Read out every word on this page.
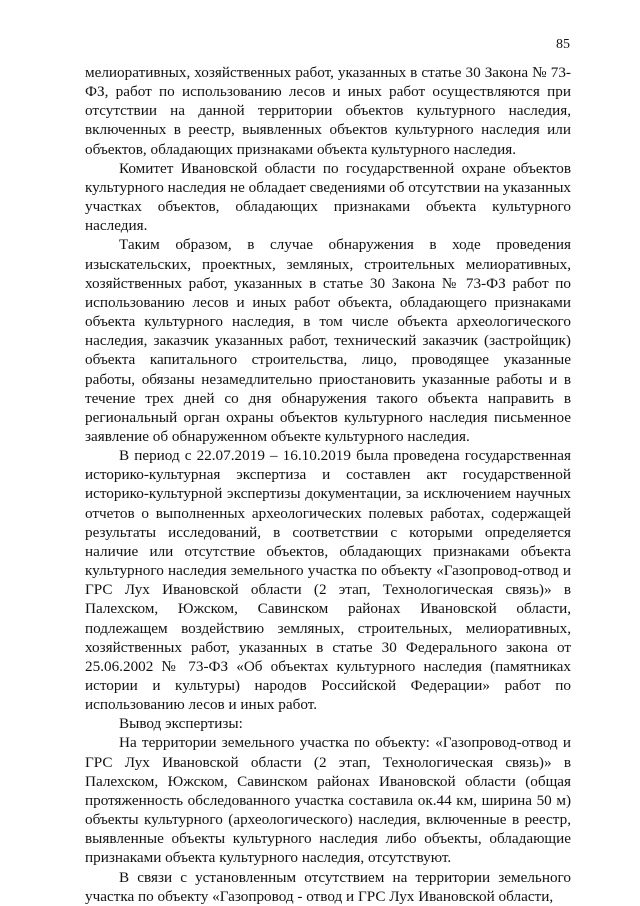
85

мелиоративных, хозяйственных работ, указанных в статье 30 Закона № 73-ФЗ, работ по использованию лесов и иных работ осуществляются при отсутствии на данной территории объектов культурного наследия, включенных в реестр, выявленных объектов культурного наследия или объектов, обладающих признаками объекта культурного наследия.

Комитет Ивановской области по государственной охране объектов культурного наследия не обладает сведениями об отсутствии на указанных участках объектов, обладающих признаками объекта культурного наследия.

Таким образом, в случае обнаружения в ходе проведения изыскательских, проектных, земляных, строительных мелиоративных, хозяйственных работ, указанных в статье 30 Закона № 73-ФЗ работ по использованию лесов и иных работ объекта, обладающего признаками объекта культурного наследия, в том числе объекта археологического наследия, заказчик указанных работ, технический заказчик (застройщик) объекта капитального строительства, лицо, проводящее указанные работы, обязаны незамедлительно приостановить указанные работы и в течение трех дней со дня обнаружения такого объекта направить в региональный орган охраны объектов культурного наследия письменное заявление об обнаруженном объекте культурного наследия.

В период с 22.07.2019 – 16.10.2019 была проведена государственная историко-культурная экспертиза и составлен акт государственной историко-культурной экспертизы документации, за исключением научных отчетов о выполненных археологических полевых работах, содержащей результаты исследований, в соответствии с которыми определяется наличие или отсутствие объектов, обладающих признаками объекта культурного наследия земельного участка по объекту «Газопровод-отвод и ГРС Лух Ивановской области (2 этап, Технологическая связь)» в Палехском, Южском, Савинском районах Ивановской области, подлежащем воздействию земляных, строительных, мелиоративных, хозяйственных работ, указанных в статье 30 Федерального закона от 25.06.2002 № 73-ФЗ «Об объектах культурного наследия (памятниках истории и культуры) народов Российской Федерации» работ по использованию лесов и иных работ.

Вывод экспертизы:

На территории земельного участка по объекту: «Газопровод-отвод и ГРС Лух Ивановской области (2 этап, Технологическая связь)» в Палехском, Южском, Савинском районах Ивановской области (общая протяженность обследованного участка составила ок.44 км, ширина 50 м) объекты культурного (археологического) наследия, включенные в реестр, выявленные объекты культурного наследия либо объекты, обладающие признаками объекта культурного наследия, отсутствуют.

В связи с установленным отсутствием на территории земельного участка по объекту «Газопровод - отвод и ГРС Лух Ивановской области,
